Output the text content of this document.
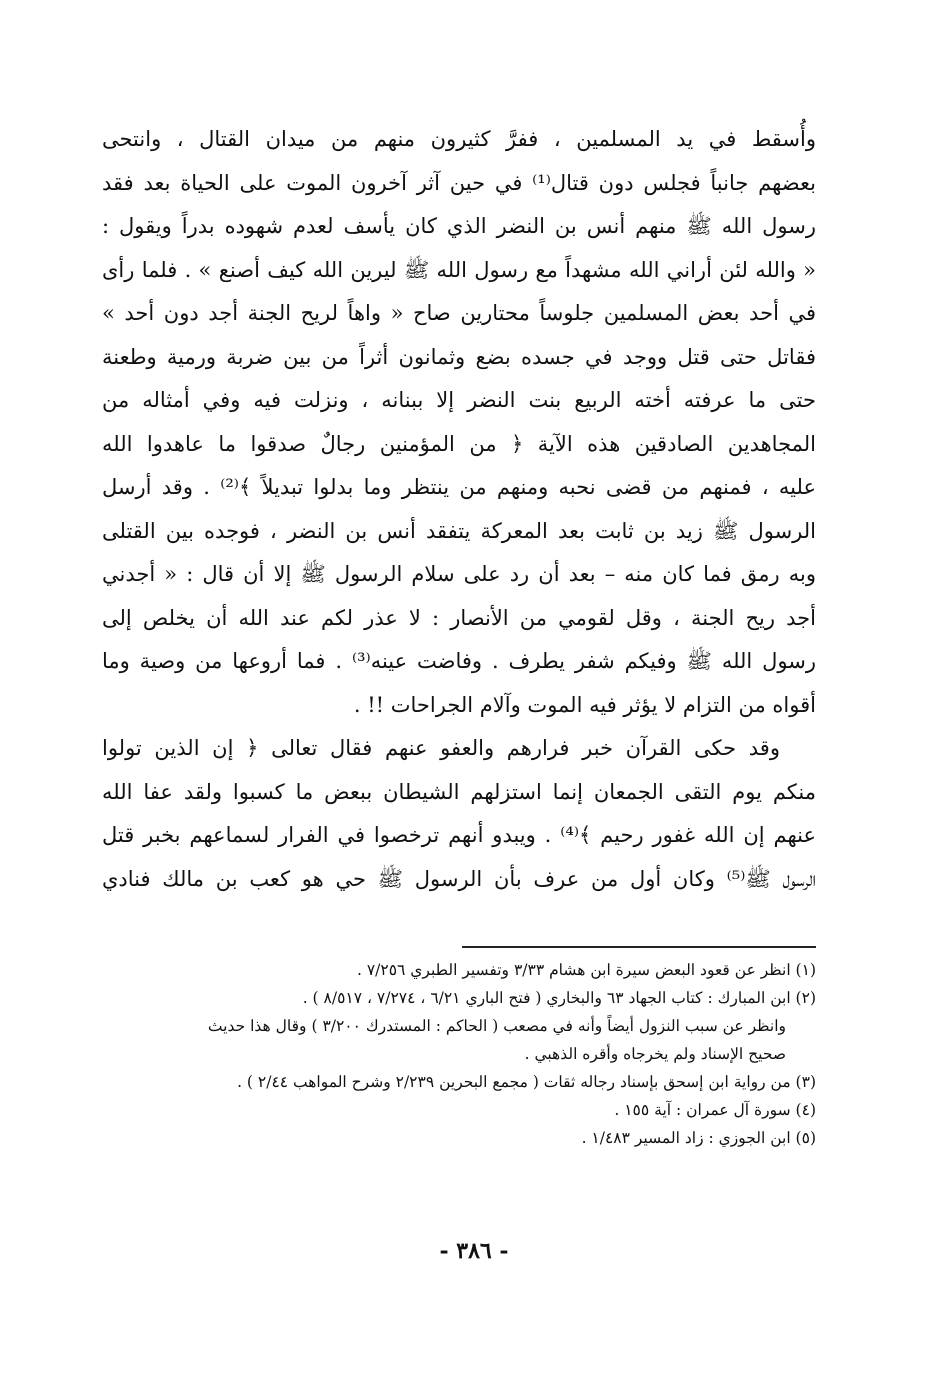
وأُسقط في يد المسلمين ، ففرَّ كثيرون منهم من ميدان القتال ، وانتحى
بعضهم جانباً فجلس دون قتال⁽¹⁾ في حين آثر آخرون الموت على الحياة بعد فقد
رسول الله ﷺ منهم أنس بن النضر الذي كان يأسف لعدم شهوده بدراً ويقول :
« والله لئن أراني الله مشهداً مع رسول الله ﷺ ليرين الله كيف أصنع » . فلما رأى
في أحد بعض المسلمين جلوساً محتارين صاح « واهاً لريح الجنة أجد دون أحد »
فقاتل حتى قتل ووجد في جسده بضع وثمانون أثراً من بين ضربة ورمية وطعنة
حتى ما عرفته أخته الربيع بنت النضر إلا ببنانه ، ونزلت فيه وفي أمثاله من
المجاهدين الصادقين هذه الآية ﴿ من المؤمنين رجالٌ صدقوا ما عاهدوا الله
عليه ، فمنهم من قضى نحبه ومنهم من ينتظر وما بدلوا تبديلاً ﴾⁽²⁾ . وقد أرسل
الرسول ﷺ زيد بن ثابت بعد المعركة يتفقد أنس بن النضر ، فوجده بين القتلى
وبه رمق فما كان منه – بعد أن رد على سلام الرسول ﷺ إلا أن قال : « أجدني
أجد ريح الجنة ، وقل لقومي من الأنصار : لا عذر لكم عند الله أن يخلص إلى
رسول الله ﷺ وفيكم شفر يطرف . وفاضت عينه⁽³⁾ . فما أروعها من وصية وما
أقواه من التزام لا يؤثر فيه الموت وآلام الجراحات !! .
وقد حكى القرآن خبر فرارهم والعفو عنهم فقال تعالى ﴿ إن الذين تولوا
منكم يوم التقى الجمعان إنما استزلهم الشيطان ببعض ما كسبوا ولقد عفا الله
عنهم إن الله غفور رحيم ﴾⁽⁴⁾ . ويبدو أنهم ترخصوا في الفرار لسماعهم بخبر قتل
الرسول ﷺ⁽⁵⁾ وكان أول من عرف بأن الرسول ﷺ حي هو كعب بن مالك فنادي
(١) انظر عن قعود البعض سيرة ابن هشام ٣/٣٣ وتفسير الطبري ٧/٢٥٦ .
(٢) ابن المبارك : كتاب الجهاد ٦٣ والبخاري ( فتح الباري ٦/٢١ ، ٧/٢٧٤ ، ٨/٥١٧ ) .
وانظر عن سبب النزول أيضاً وأنه في مصعب ( الحاكم : المستدرك ٣/٢٠٠ ) وقال هذا حديث
صحيح الإسناد ولم يخرجاه وأقره الذهبي .
(٣) من رواية ابن إسحق بإسناد رجاله ثقات ( مجمع البحرين ٢/٢٣٩ وشرح المواهب ٢/٤٤ ) .
(٤) سورة آل عمران : آية ١٥٥ .
(٥) ابن الجوزي : زاد المسير ١/٤٨٣ .
- ٣٨٦ -
